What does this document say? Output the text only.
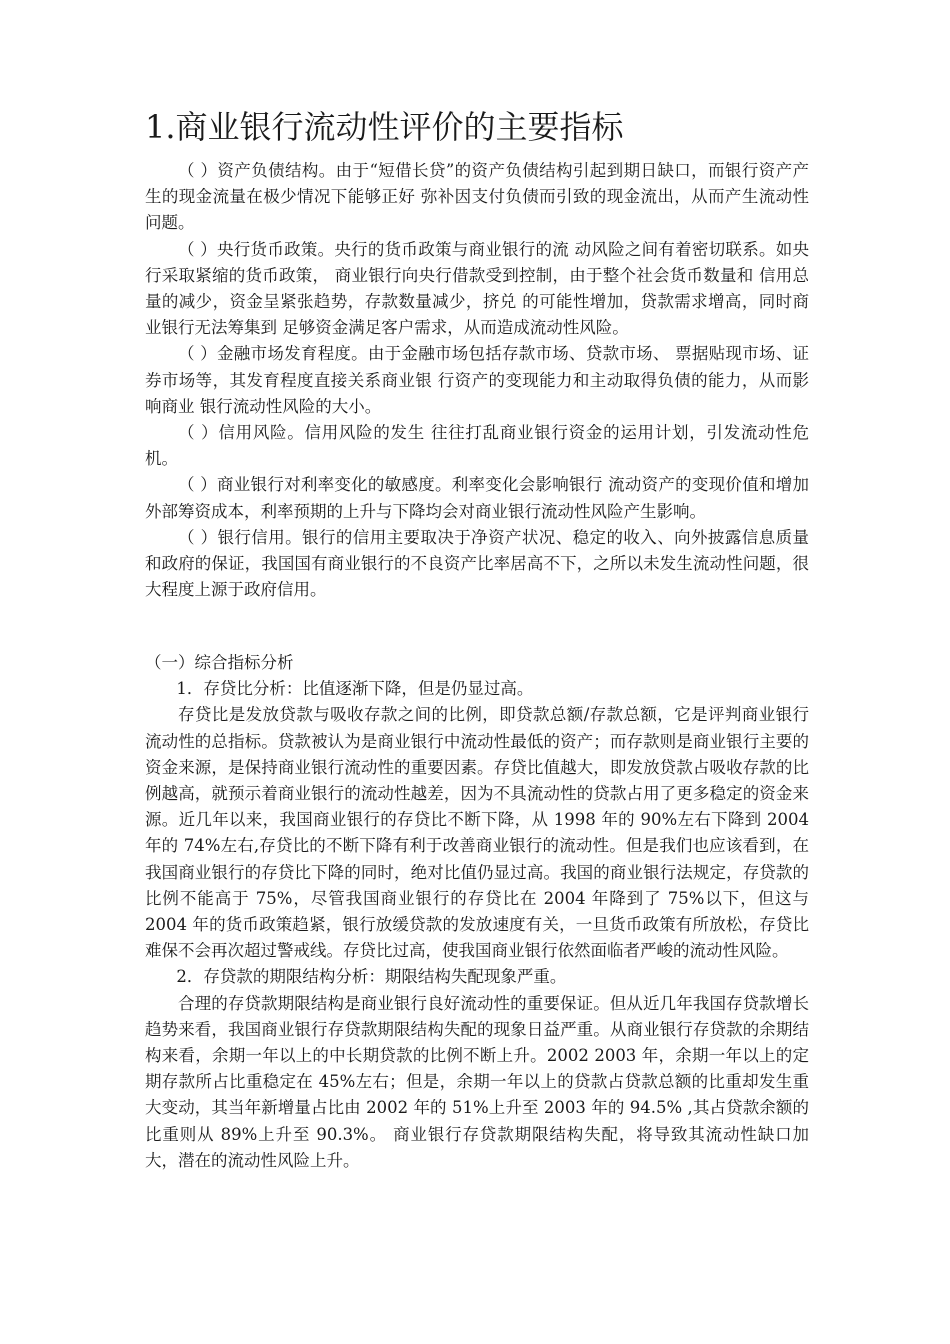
1.商业银行流动性评价的主要指标

（ ）资产负债结构。由于“短借长贷”的资产负债结构引起到期日缺口，而银行资产产生的现金流量在极少情况下能够正好 弥补因支付负债而引致的现金流出，从而产生流动性问题。

（ ）央行货币政策。央行的货币政策与商业银行的流 动风险之间有着密切联系。如央行采取紧缩的货币政策， 商业银行向央行借款受到控制，由于整个社会货币数量和 信用总量的减少，资金呈紧张趋势，存款数量减少，挤兑 的可能性增加，贷款需求增高，同时商业银行无法筹集到 足够资金满足客户需求，从而造成流动性风险。

（ ）金融市场发育程度。由于金融市场包括存款市场、贷款市场、 票据贴现市场、证券市场等，其发育程度直接关系商业银 行资产的变现能力和主动取得负债的能力，从而影响商业 银行流动性风险的大小。

（ ）信用风险。信用风险的发生 往往打乱商业银行资金的运用计划，引发流动性危机。

（ ）商业银行对利率变化的敏感度。利率变化会影响银行 流动资产的变现价值和增加外部筹资成本，利率预期的上升与下降均会对商业银行流动性风险产生影响。

（ ）银行信用。银行的信用主要取决于净资产状况、稳定的收入、向外披露信息质量和政府的保证，我国国有商业银行的不良资产比率居高不下，之所以未发生流动性问题，很大程度上源于政府信用。

（一）综合指标分析

1．存贷比分析：比值逐渐下降，但是仍显过高。

存贷比是发放贷款与吸收存款之间的比例，即贷款总额/存款总额，它是评判商业银行流动性的总指标。贷款被认为是商业银行中流动性最低的资产；而存款则是商业银行主要的资金来源，是保持商业银行流动性的重要因素。存贷比值越大，即发放贷款占吸收存款的比例越高，就预示着商业银行的流动性越差，因为不具流动性的贷款占用了更多稳定的资金来源。近几年以来，我国商业银行的存贷比不断下降，从 1998 年的 90%左右下降到 2004 年的 74%左右,存贷比的不断下降有利于改善商业银行的流动性。但是我们也应该看到，在我国商业银行的存贷比下降的同时，绝对比值仍显过高。我国的商业银行法规定，存贷款的比例不能高于 75%，尽管我国商业银行的存贷比在 2004 年降到了 75%以下，但这与 2004 年的货币政策趋紧，银行放缓贷款的发放速度有关，一旦货币政策有所放松，存贷比难保不会再次超过警戒线。存贷比过高，使我国商业银行依然面临者严峻的流动性风险。

2．存贷款的期限结构分析：期限结构失配现象严重。

合理的存贷款期限结构是商业银行良好流动性的重要保证。但从近几年我国存贷款增长趋势来看，我国商业银行存贷款期限结构失配的现象日益严重。从商业银行存贷款的余期结构来看，余期一年以上的中长期贷款的比例不断上升。2002 2003 年，余期一年以上的定期存款所占比重稳定在 45%左右；但是，余期一年以上的贷款占贷款总额的比重却发生重大变动，其当年新增量占比由 2002 年的 51%上升至 2003 年的 94.5% ,其占贷款余额的比重则从 89%上升至 90.3%。 商业银行存贷款期限结构失配，将导致其流动性缺口加大，潜在的流动性风险上升。
